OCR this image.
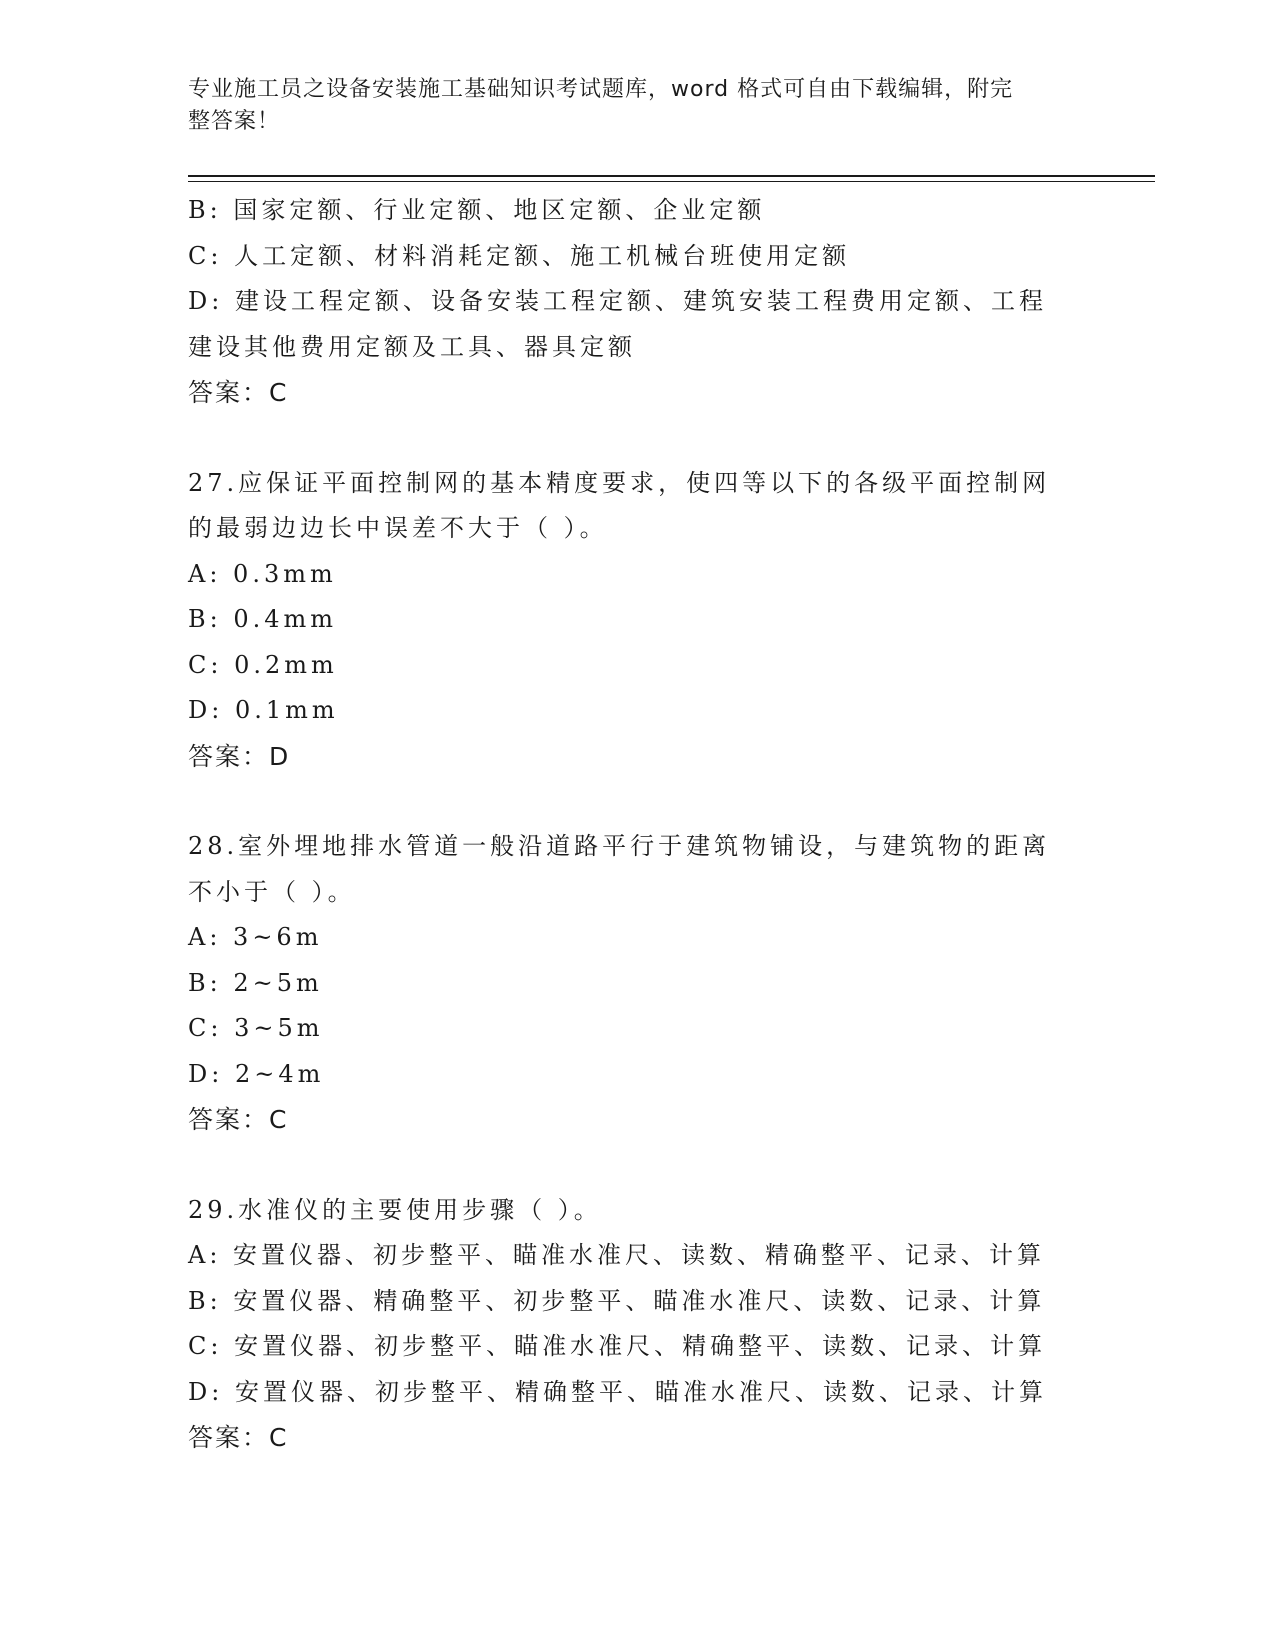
专业施工员之设备安装施工基础知识考试题库，word 格式可自由下载编辑，附完
整答案！
B: 国家定额、行业定额、地区定额、企业定额
C: 人工定额、材料消耗定额、施工机械台班使用定额
D: 建设工程定额、设备安装工程定额、建筑安装工程费用定额、工程
建设其他费用定额及工具、器具定额
答案：C
27.应保证平面控制网的基本精度要求，使四等以下的各级平面控制网
的最弱边边长中误差不大于（ ）。
A: 0.3mm
B: 0.4mm
C: 0.2mm
D: 0.1mm
答案：D
28.室外埋地排水管道一般沿道路平行于建筑物铺设，与建筑物的距离
不小于（ ）。
A: 3~6m
B: 2~5m
C: 3~5m
D: 2~4m
答案：C
29.水准仪的主要使用步骤（ ）。
A: 安置仪器、初步整平、瞄准水准尺、读数、精确整平、记录、计算
B: 安置仪器、精确整平、初步整平、瞄准水准尺、读数、记录、计算
C: 安置仪器、初步整平、瞄准水准尺、精确整平、读数、记录、计算
D: 安置仪器、初步整平、精确整平、瞄准水准尺、读数、记录、计算
答案：C
